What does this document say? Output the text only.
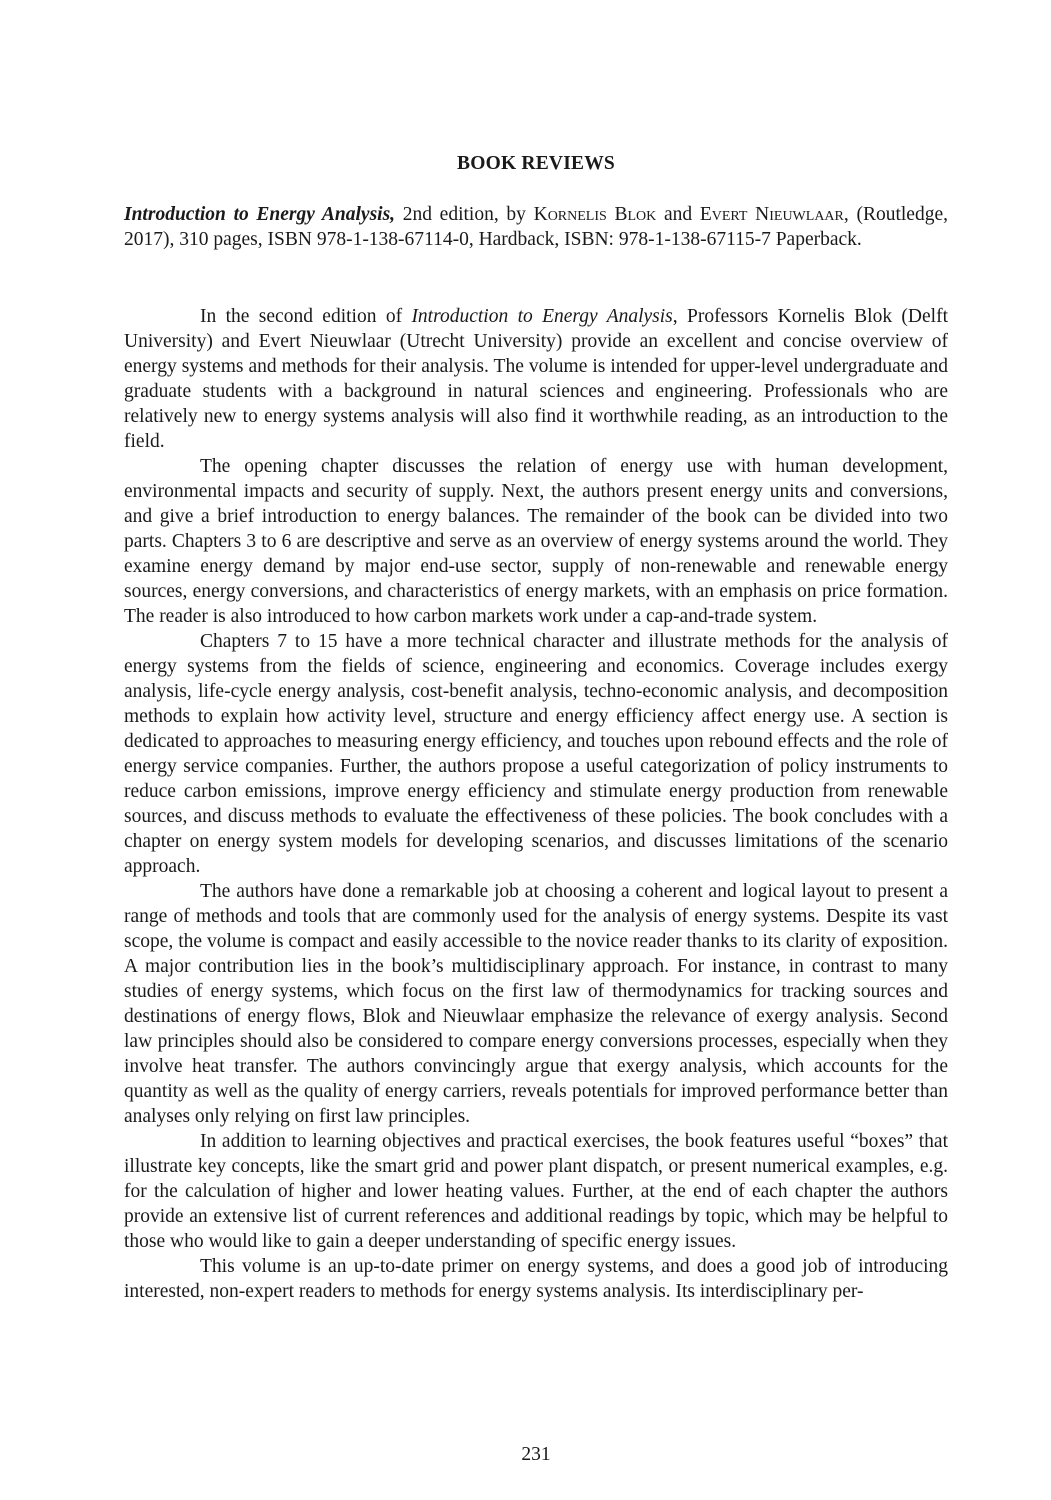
BOOK REVIEWS

Introduction to Energy Analysis, 2nd edition, by Kornelis Blok and Evert Nieuwlaar, (Routledge, 2017), 310 pages, ISBN 978-1-138-67114-0, Hardback, ISBN: 978-1-138-67115-7 Paperback.

In the second edition of Introduction to Energy Analysis, Professors Kornelis Blok (Delft University) and Evert Nieuwlaar (Utrecht University) provide an excellent and concise overview of energy systems and methods for their analysis. The volume is intended for upper-level undergraduate and graduate students with a background in natural sciences and engineering. Professionals who are relatively new to energy systems analysis will also find it worthwhile reading, as an introduction to the field.

The opening chapter discusses the relation of energy use with human development, environmental impacts and security of supply. Next, the authors present energy units and conversions, and give a brief introduction to energy balances. The remainder of the book can be divided into two parts. Chapters 3 to 6 are descriptive and serve as an overview of energy systems around the world. They examine energy demand by major end-use sector, supply of non-renewable and renewable energy sources, energy conversions, and characteristics of energy markets, with an emphasis on price formation. The reader is also introduced to how carbon markets work under a cap-and-trade system.

Chapters 7 to 15 have a more technical character and illustrate methods for the analysis of energy systems from the fields of science, engineering and economics. Coverage includes exergy analysis, life-cycle energy analysis, cost-benefit analysis, techno-economic analysis, and decomposition methods to explain how activity level, structure and energy efficiency affect energy use. A section is dedicated to approaches to measuring energy efficiency, and touches upon rebound effects and the role of energy service companies. Further, the authors propose a useful categorization of policy instruments to reduce carbon emissions, improve energy efficiency and stimulate energy production from renewable sources, and discuss methods to evaluate the effectiveness of these policies. The book concludes with a chapter on energy system models for developing scenarios, and discusses limitations of the scenario approach.

The authors have done a remarkable job at choosing a coherent and logical layout to present a range of methods and tools that are commonly used for the analysis of energy systems. Despite its vast scope, the volume is compact and easily accessible to the novice reader thanks to its clarity of exposition. A major contribution lies in the book’s multidisciplinary approach. For instance, in contrast to many studies of energy systems, which focus on the first law of thermodynamics for tracking sources and destinations of energy flows, Blok and Nieuwlaar emphasize the relevance of exergy analysis. Second law principles should also be considered to compare energy conversions processes, especially when they involve heat transfer. The authors convincingly argue that exergy analysis, which accounts for the quantity as well as the quality of energy carriers, reveals potentials for improved performance better than analyses only relying on first law principles.

In addition to learning objectives and practical exercises, the book features useful “boxes” that illustrate key concepts, like the smart grid and power plant dispatch, or present numerical examples, e.g. for the calculation of higher and lower heating values. Further, at the end of each chapter the authors provide an extensive list of current references and additional readings by topic, which may be helpful to those who would like to gain a deeper understanding of specific energy issues.

This volume is an up-to-date primer on energy systems, and does a good job of introducing interested, non-expert readers to methods for energy systems analysis. Its interdisciplinary per-

231
